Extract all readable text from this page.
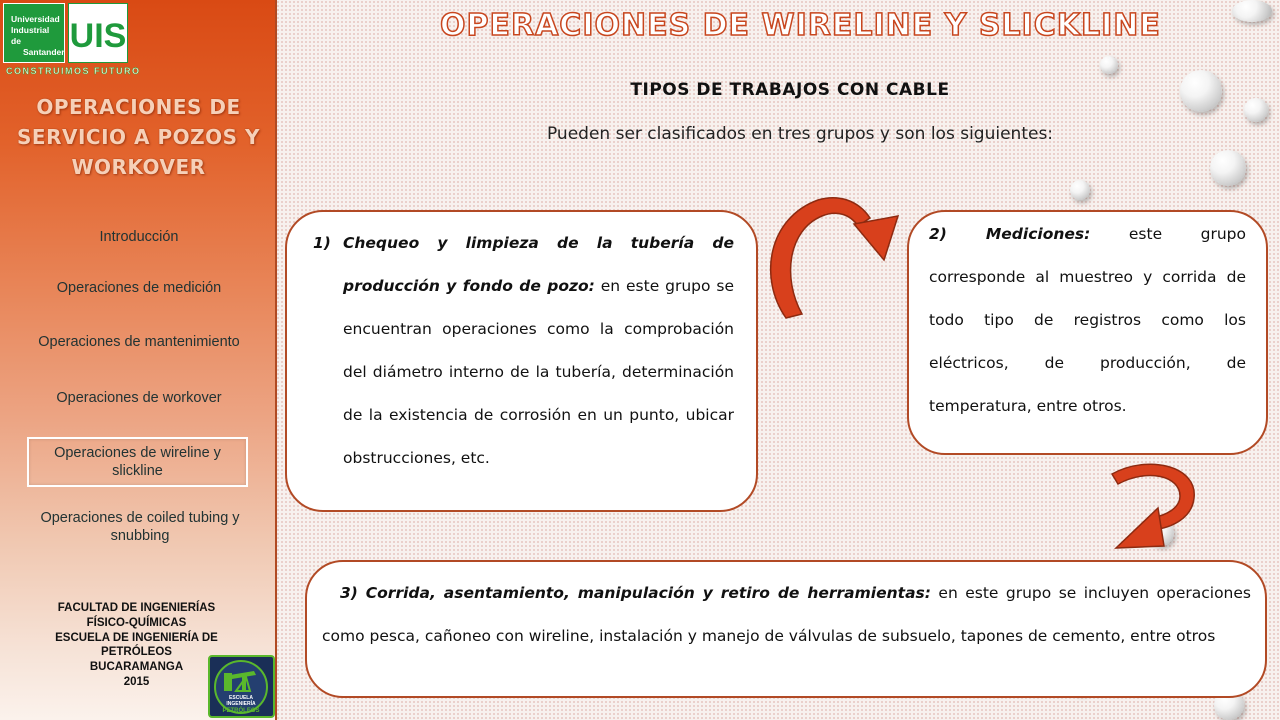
Universidad
Industrial de
Santander UIS
CONSTRUIMOS FUTURO
OPERACIONES DE
SERVICIO A POZOS Y
WORKOVER
Introducción
Operaciones de medición
Operaciones de mantenimiento
Operaciones de workover
Operaciones de wireline y slickline
Operaciones de coiled tubing y snubbing
FACULTAD DE INGENIERÍAS
FÍSICO-QUÍMICAS
ESCUELA DE INGENIERÍA DE
PETRÓLEOS
BUCARAMANGA
2015
ESCUELA
INGENIERÍA
PETRÓLEOS
OPERACIONES DE WIRELINE Y SLICKLINE
TIPOS DE TRABAJOS CON CABLE
Pueden ser clasificados en tres grupos y son los siguientes:
1) Chequeo y limpieza de la tubería de producción y fondo de pozo: en este grupo se encuentran operaciones como la comprobación del diámetro interno de la tubería, determinación de la existencia de corrosión en un punto, ubicar obstrucciones, etc.
2) Mediciones: este grupo corresponde al muestreo y corrida de todo tipo de registros como los eléctricos, de producción, de temperatura, entre otros.

3) Corrida, asentamiento, manipulación y retiro de herramientas: en este grupo se incluyen operaciones como pesca, cañoneo con wireline, instalación y manejo de válvulas de subsuelo, tapones de cemento, entre otros
